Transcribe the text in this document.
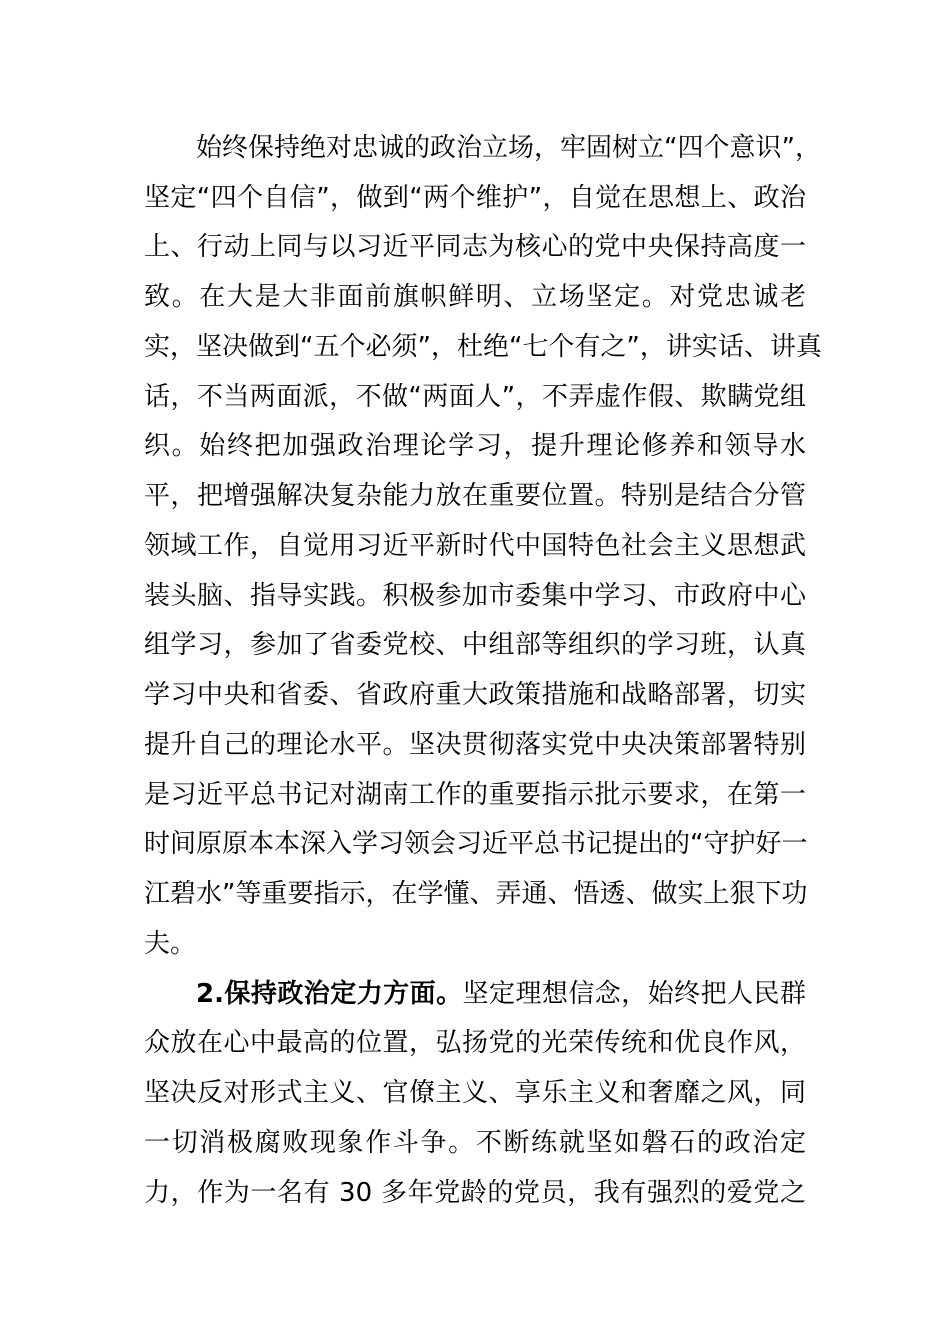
始终保持绝对忠诚的政治立场，牢固树立“四个意识”，
坚定“四个自信”，做到“两个维护”，自觉在思想上、政治
上、行动上同与以习近平同志为核心的党中央保持高度一
致。在大是大非面前旗帜鲜明、立场坚定。对党忠诚老
实，坚决做到“五个必须”，杜绝“七个有之”，讲实话、讲真
话，不当两面派，不做“两面人”，不弄虚作假、欺瞒党组
织。始终把加强政治理论学习，提升理论修养和领导水
平，把增强解决复杂能力放在重要位置。特别是结合分管
领域工作，自觉用习近平新时代中国特色社会主义思想武
装头脑、指导实践。积极参加市委集中学习、市政府中心
组学习，参加了省委党校、中组部等组织的学习班，认真
学习中央和省委、省政府重大政策措施和战略部署，切实
提升自己的理论水平。坚决贯彻落实党中央决策部署特别
是习近平总书记对湖南工作的重要指示批示要求，在第一
时间原原本本深入学习领会习近平总书记提出的“守护好一
江碧水”等重要指示，在学懂、弄通、悟透、做实上狠下功
夫。
2.保持政治定力方面。坚定理想信念，始终把人民群
众放在心中最高的位置，弘扬党的光荣传统和优良作风，
坚决反对形式主义、官僚主义、享乐主义和奢靡之风，同
一切消极腐败现象作斗争。不断练就坚如磐石的政治定
力，作为一名有 30 多年党龄的党员，我有强烈的爱党之
